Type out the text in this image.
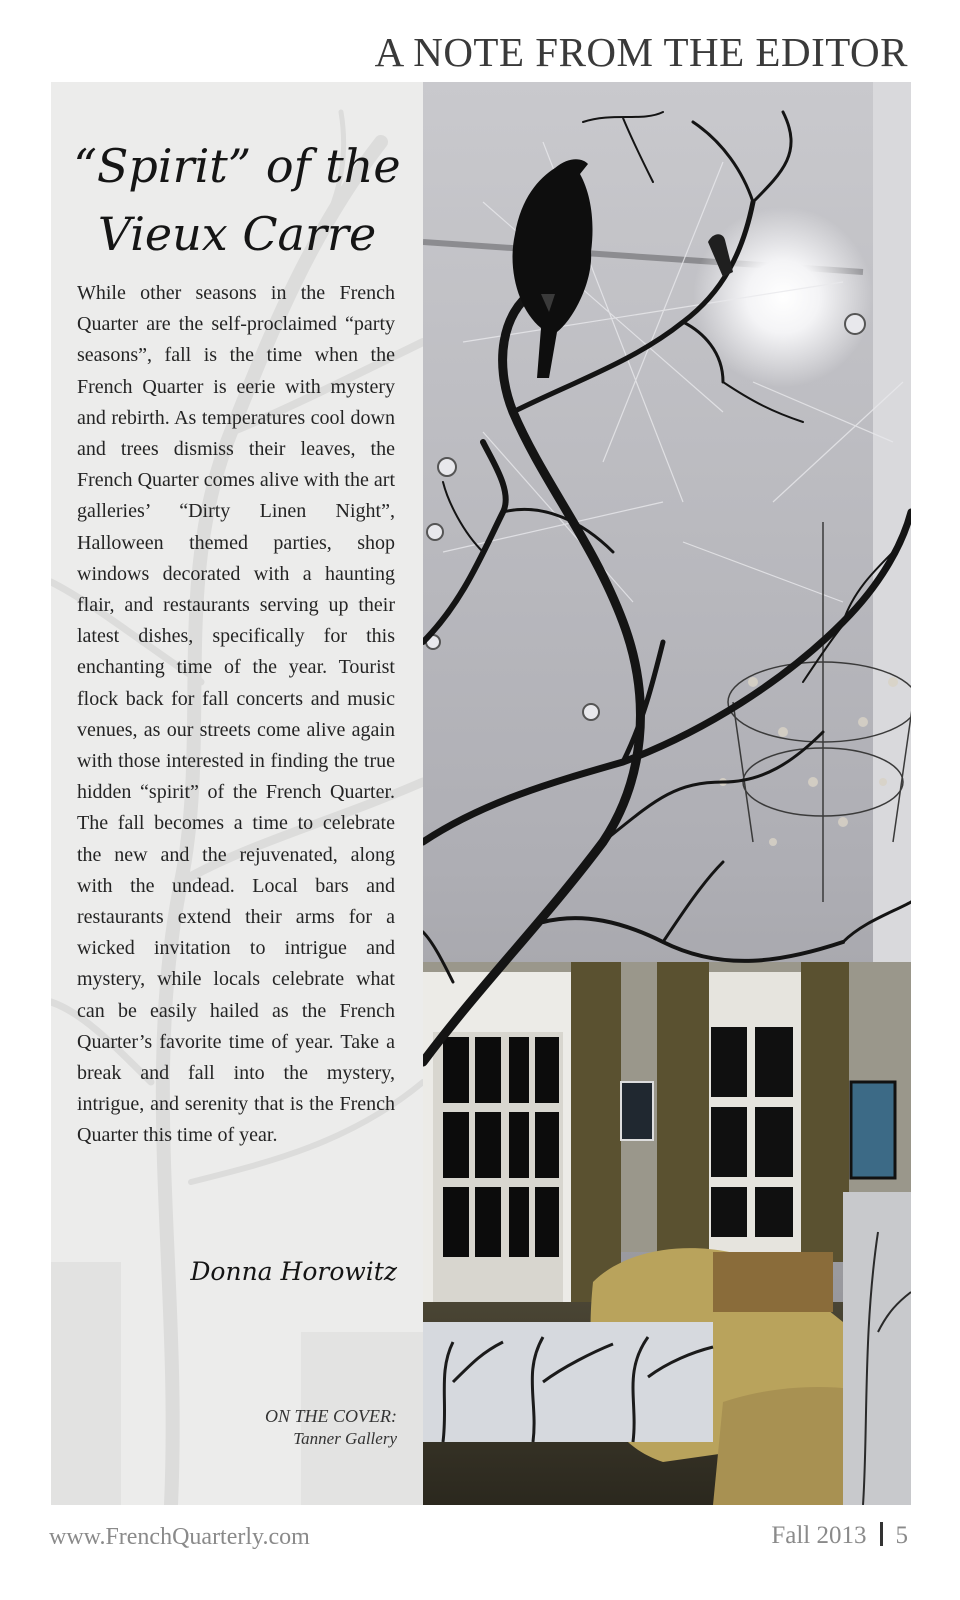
A NOTE FROM THE EDITOR
“Spirit” of the
Vieux Carre
While other seasons in the French Quarter are the self-proclaimed “party seasons”, fall is the time when the French Quarter is eerie with mystery and rebirth. As temperatures cool down and trees dismiss their leaves, the French Quarter comes alive with the art galleries’ “Dirty Linen Night”, Halloween themed parties, shop windows decorated with a haunting flair, and restaurants serving up their latest dishes, specifically for this enchanting time of the year. Tourist flock back for fall concerts and music venues, as our streets come alive again with those interested in finding the true hidden “spirit” of the French Quarter. The fall becomes a time to celebrate the new and the rejuvenated, along with the undead. Local bars and restaurants extend their arms for a wicked invitation to intrigue and mystery, while locals celebrate what can be easily hailed as the French Quarter’s favorite time of year. Take a break and fall into the mystery, intrigue, and serenity that is the French Quarter this time of year.
Donna Horowitz
ON THE COVER:
Tanner Gallery
www.FrenchQuarterly.com	Fall 2013 5
